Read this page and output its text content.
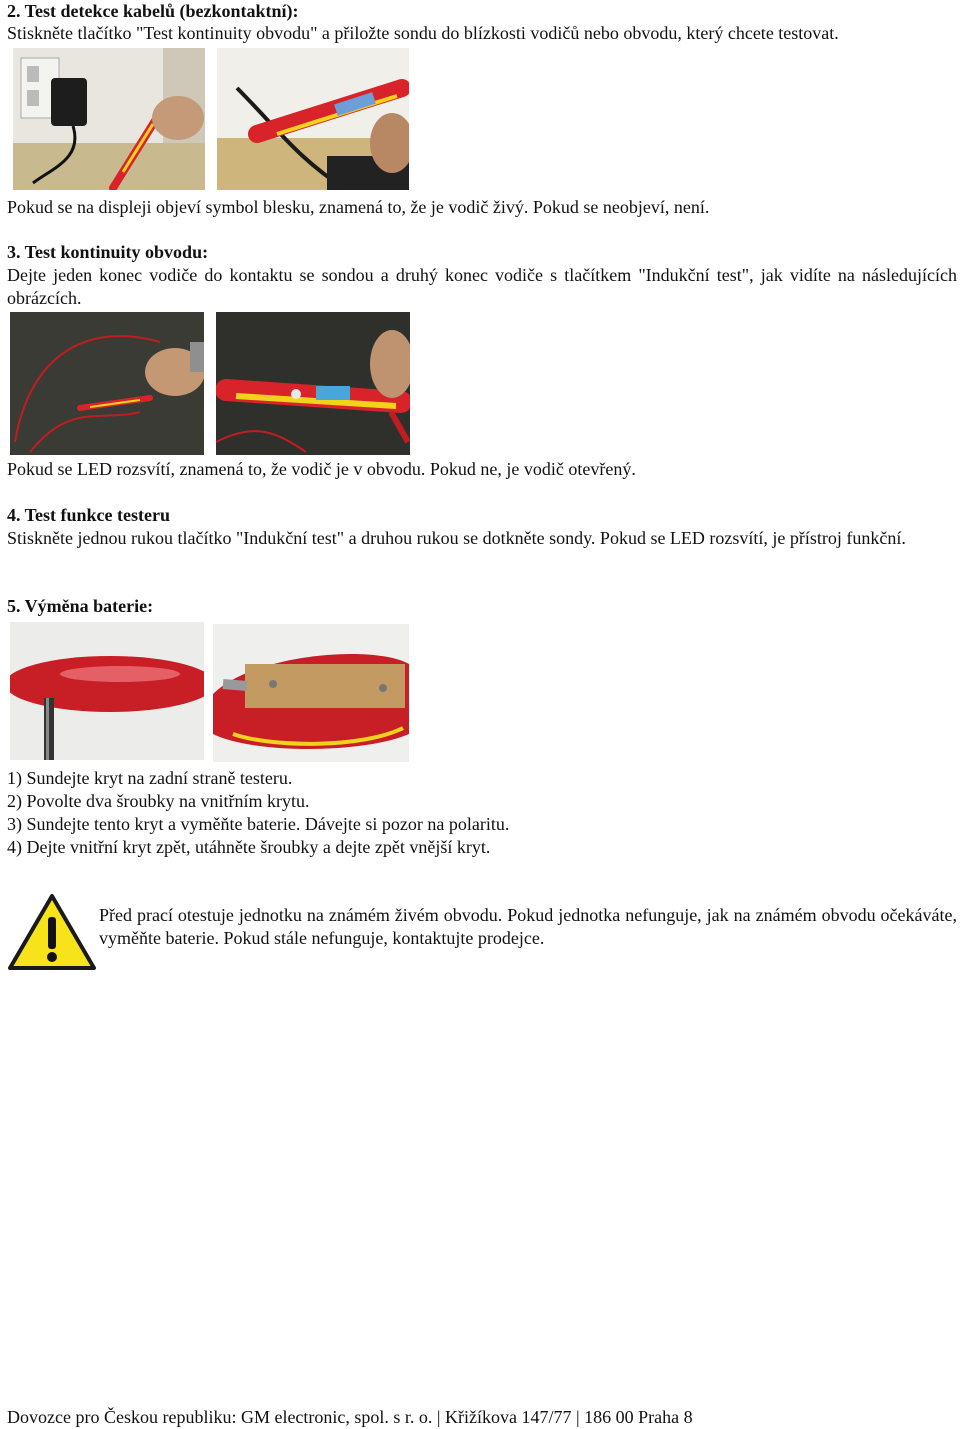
2. Test detekce kabelů (bezkontaktní):
Stiskněte tlačítko "Test kontinuity obvodu" a přiložte sondu do blízkosti vodičů nebo obvodu, který chcete testovat.
Pokud se na displeji objeví symbol blesku, znamená to, že je vodič živý. Pokud se neobjeví, není.
3. Test kontinuity obvodu:
Dejte jeden konec vodiče do kontaktu se sondou a druhý konec vodiče s tlačítkem "Indukční test", jak vidíte na následujících obrázcích.
Pokud se LED rozsvítí, znamená to, že vodič je v obvodu. Pokud ne, je vodič otevřený.
4. Test funkce testeru
Stiskněte jednou rukou tlačítko "Indukční test" a druhou rukou se dotkněte sondy. Pokud se LED rozsvítí, je přístroj funkční.
5. Výměna baterie:
1) Sundejte kryt na zadní straně testeru.
2) Povolte dva šroubky na vnitřním krytu.
3) Sundejte tento kryt a vyměňte baterie. Dávejte si pozor na polaritu.
4) Dejte vnitřní kryt zpět, utáhněte šroubky a dejte zpět vnější kryt.
Před prací otestuje jednotku na známém živém obvodu. Pokud jednotka nefunguje, jak na známém obvodu očekáváte, vyměňte baterie. Pokud stále nefunguje, kontaktujte prodejce.
Dovozce pro Českou republiku: GM electronic, spol. s r. o. | Křižíkova 147/77 | 186 00 Praha 8
